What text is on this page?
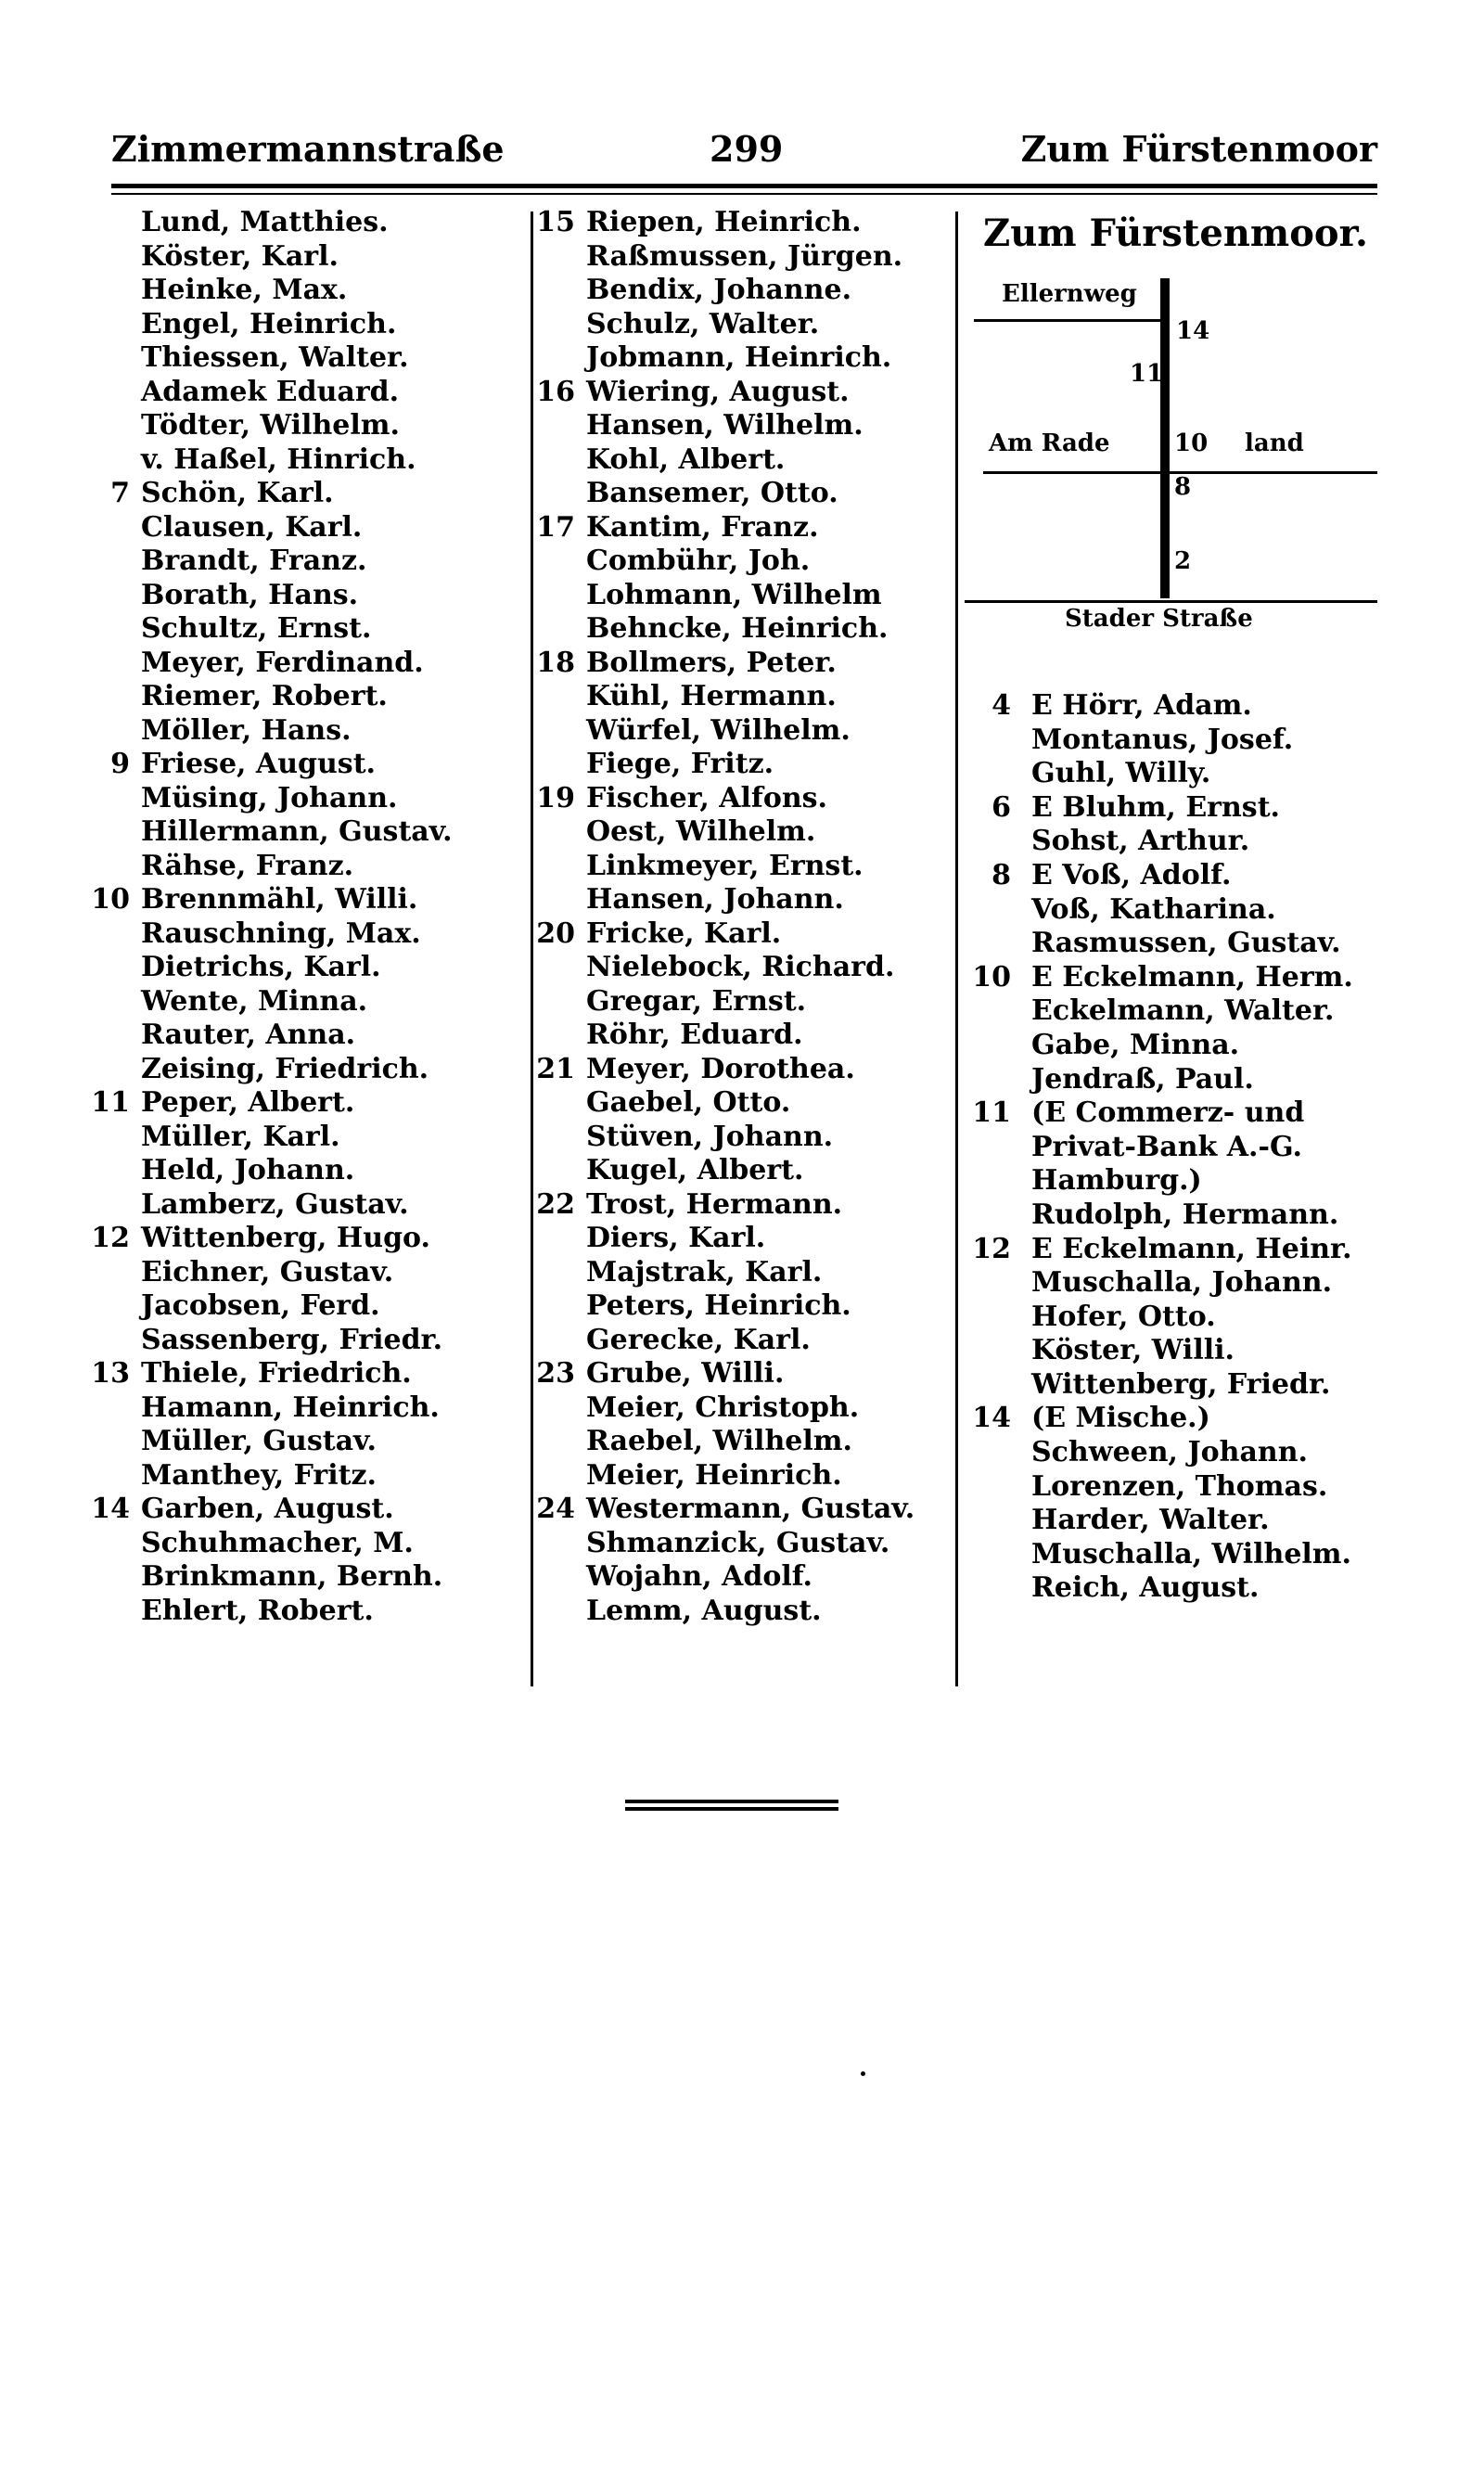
Zimmermannstraße	299	Zum Fürstenmoor
Lund, Matthies.
Köster, Karl.
Heinke, Max.
Engel, Heinrich.
Thiessen, Walter.
Adamek Eduard.
Tödter, Wilhelm.
v. Haßel, Hinrich.
7 Schön, Karl.
Clausen, Karl.
Brandt, Franz.
Borath, Hans.
Schultz, Ernst.
Meyer, Ferdinand.
Riemer, Robert.
Möller, Hans.
9 Friese, August.
Müsing, Johann.
Hillermann, Gustav.
Rähse, Franz.
10 Brennmähl, Willi.
Rauschning, Max.
Dietrichs, Karl.
Wente, Minna.
Rauter, Anna.
Zeising, Friedrich.
11 Peper, Albert.
Müller, Karl.
Held, Johann.
Lamberz, Gustav.
12 Wittenberg, Hugo.
Eichner, Gustav.
Jacobsen, Ferd.
Sassenberg, Friedr.
13 Thiele, Friedrich.
Hamann, Heinrich.
Müller, Gustav.
Manthey, Fritz.
14 Garben, August.
Schuhmacher, M.
Brinkmann, Bernh.
Ehlert, Robert.
15 Riepen, Heinrich.
Raßmussen, Jürgen.
Bendix, Johanne.
Schulz, Walter.
Jobmann, Heinrich.
16 Wiering, August.
Hansen, Wilhelm.
Kohl, Albert.
Bansemer, Otto.
17 Kantim, Franz.
Combühr, Joh.
Lohmann, Wilhelm
Behncke, Heinrich.
18 Bollmers, Peter.
Kühl, Hermann.
Würfel, Wilhelm.
Fiege, Fritz.
19 Fischer, Alfons.
Oest, Wilhelm.
Linkmeyer, Ernst.
Hansen, Johann.
20 Fricke, Karl.
Nielebock, Richard.
Gregar, Ernst.
Röhr, Eduard.
21 Meyer, Dorothea.
Gaebel, Otto.
Stüven, Johann.
Kugel, Albert.
22 Trost, Hermann.
Diers, Karl.
Majstrak, Karl.
Peters, Heinrich.
Gerecke, Karl.
23 Grube, Willi.
Meier, Christoph.
Raebel, Wilhelm.
Meier, Heinrich.
24 Westermann, Gustav.
Shmanzick, Gustav.
Wojahn, Adolf.
Lemm, August.
Zum Fürstenmoor.
Ellernweg
14
11
Am Rade	10 land
8
2
Stader Straße
4 E Hörr, Adam.
Montanus, Josef.
Guhl, Willy.
6 E Bluhm, Ernst.
Sohst, Arthur.
8 E Voß, Adolf.
Voß, Katharina.
Rasmussen, Gustav.
10 E Eckelmann, Herm.
Eckelmann, Walter.
Gabe, Minna.
Jendraß, Paul.
11 (E Commerz- und
Privat-Bank A.-G.
Hamburg.)
Rudolph, Hermann.
12 E Eckelmann, Heinr.
Muschalla, Johann.
Hofer, Otto.
Köster, Willi.
Wittenberg, Friedr.
14 (E Mische.)
Schween, Johann.
Lorenzen, Thomas.
Harder, Walter.
Muschalla, Wilhelm.
Reich, August.
